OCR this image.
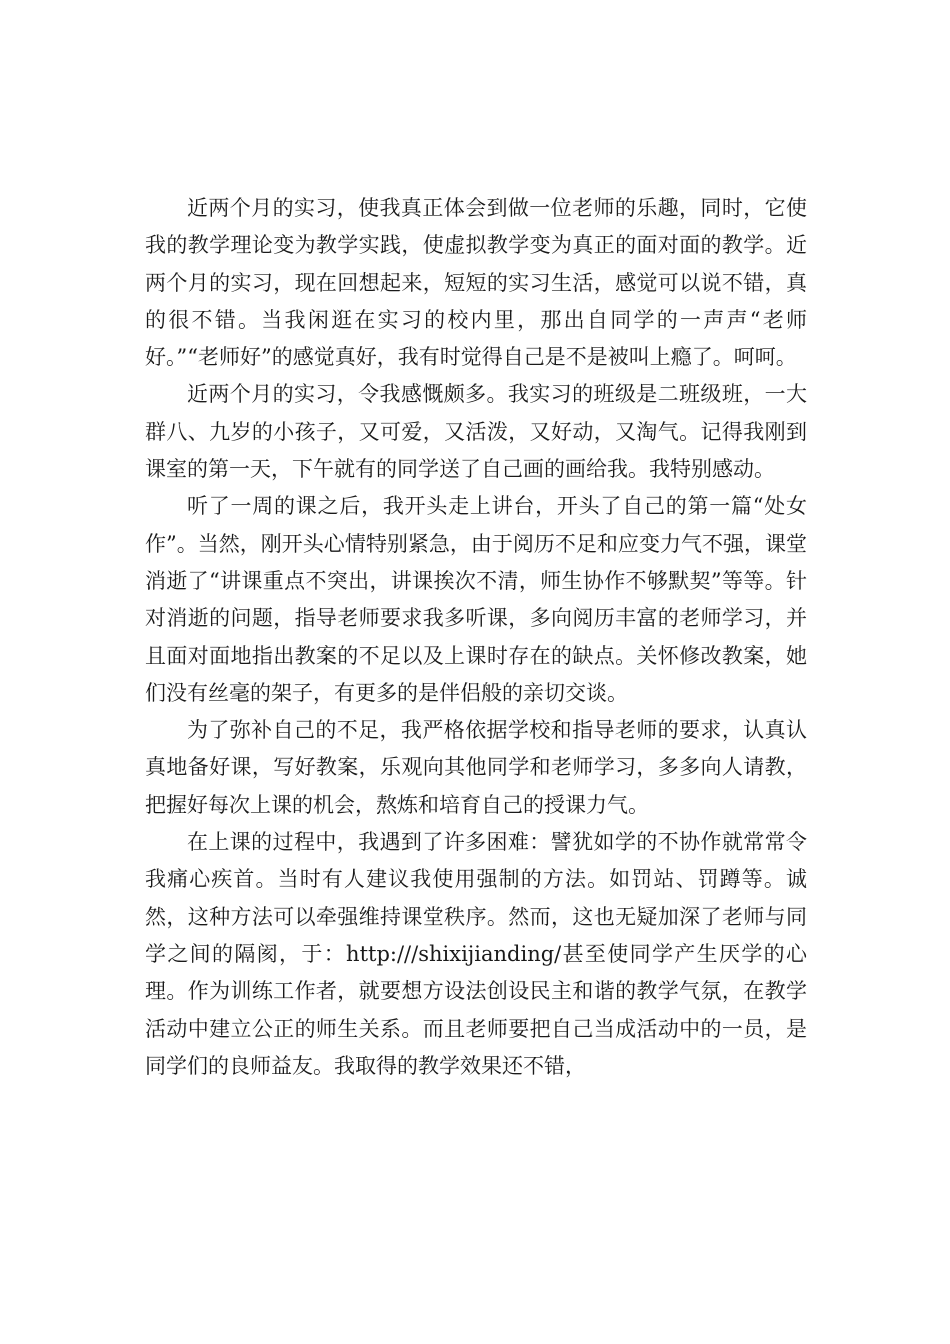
近两个月的实习，使我真正体会到做一位老师的乐趣，同时，它使我的教学理论变为教学实践，使虚拟教学变为真正的面对面的教学。近两个月的实习，现在回想起来，短短的实习生活，感觉可以说不错，真的很不错。当我闲逛在实习的校内里，那出自同学的一声声“老师好。”“老师好”的感觉真好，我有时觉得自己是不是被叫上瘾了。呵呵。

近两个月的实习，令我感慨颇多。我实习的班级是二班级班，一大群八、九岁的小孩子，又可爱，又活泼，又好动，又淘气。记得我刚到课室的第一天，下午就有的同学送了自己画的画给我。我特别感动。

听了一周的课之后，我开头走上讲台，开头了自己的第一篇“处女作”。当然，刚开头心情特别紧急，由于阅历不足和应变力气不强，课堂消逝了“讲课重点不突出，讲课挨次不清，师生协作不够默契”等等。针对消逝的问题，指导老师要求我多听课，多向阅历丰富的老师学习，并且面对面地指出教案的不足以及上课时存在的缺点。关怀修改教案，她们没有丝毫的架子，有更多的是伴侣般的亲切交谈。

为了弥补自己的不足，我严格依据学校和指导老师的要求，认真认真地备好课，写好教案，乐观向其他同学和老师学习，多多向人请教，把握好每次上课的机会，熬炼和培育自己的授课力气。

在上课的过程中，我遇到了许多困难：譬犹如学的不协作就常常令我痛心疾首。当时有人建议我使用强制的方法。如罚站、罚蹲等。诚然，这种方法可以牵强维持课堂秩序。然而，这也无疑加深了老师与同学之间的隔阂，于：http:///shixijianding/甚至使同学产生厌学的心理。作为训练工作者，就要想方设法创设民主和谐的教学气氛，在教学活动中建立公正的师生关系。而且老师要把自己当成活动中的一员，是同学们的良师益友。我取得的教学效果还不错，
